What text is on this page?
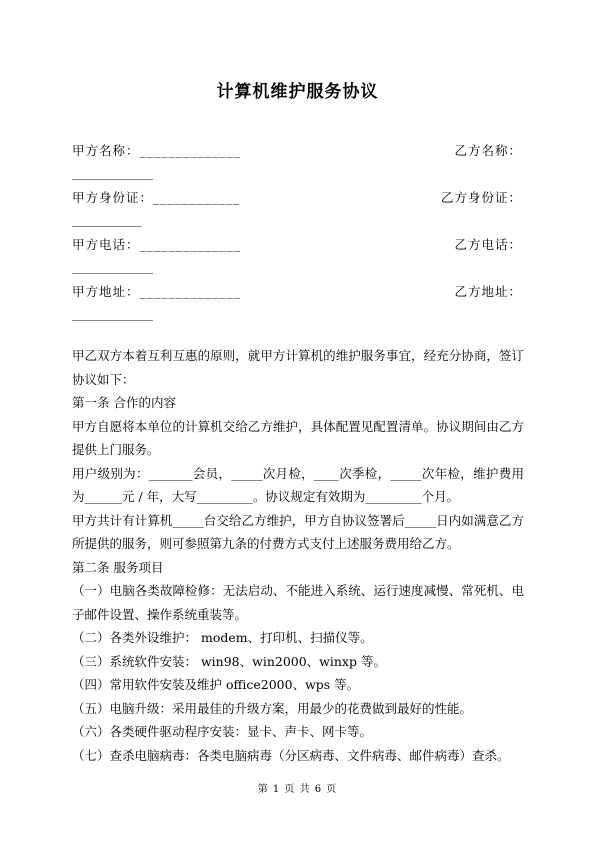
计算机维护服务协议
甲方名称：______________	乙方名称：
______________
甲方身份证：____________	乙方身份证：
____________
甲方电话：______________	乙方电话：
______________
甲方地址：______________	乙方地址：
______________

甲乙双方本着互利互惠的原则，就甲方计算机的维护服务事宜，经充分协商，签订协议如下：

第一条 合作的内容

甲方自愿将本单位的计算机交给乙方维护，具体配置见配置清单。协议期间由乙方提供上门服务。

用户级别为：_______会员，_____次月检，____次季检，_____次年检，维护费用为______元 / 年，大写_________。协议规定有效期为_________个月。

甲方共计有计算机_____台交给乙方维护，甲方自协议签署后_____日内如满意乙方所提供的服务，则可参照第九条的付费方式支付上述服务费用给乙方。

第二条 服务项目

（一）电脑各类故障检修：无法启动、不能进入系统、运行速度减慢、常死机、电子邮件设置、操作系统重装等。

（二）各类外设维护： modem、打印机、扫描仪等。

（三）系统软件安装： win98、win2000、winxp 等。

（四）常用软件安装及维护 office2000、wps 等。

（五）电脑升级：采用最佳的升级方案，用最少的花费做到最好的性能。

（六）各类硬件驱动程序安装：显卡、声卡、网卡等。

（七）查杀电脑病毒：各类电脑病毒（分区病毒、文件病毒、邮件病毒）查杀。

第 1 页 共 6 页
